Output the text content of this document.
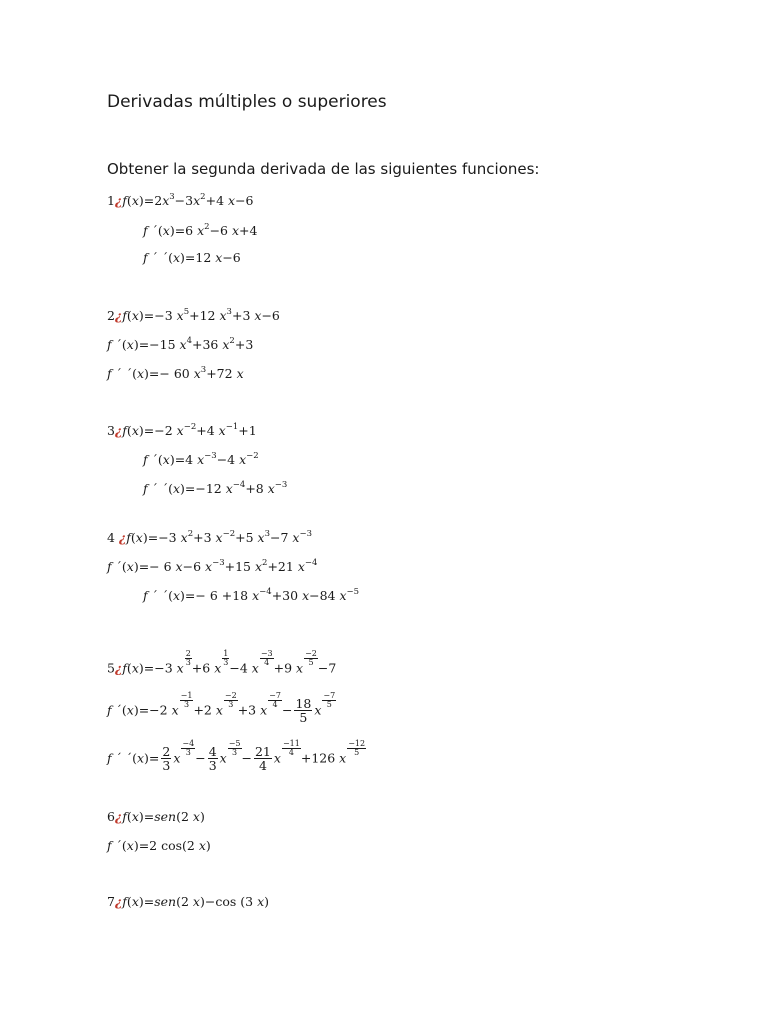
Derivadas múltiples o superiores
Obtener la segunda derivada de las siguientes funciones:
$1¿f(x)=2x^3-3x^2+4$ x−6
f ´(x)=6 $x^2-6$ x+4
f ´ ´(x)=12 x−6
2¿f(x)=−3 $x^5+12$ $x^3+3$ x−6
f ´(x)=−15 $x^4+36$ $x^2+3$
f ´ ´(x)=− 60 $x^3+72$ x
3¿f(x)=−2 $x^{-2}+4$ $x^{-1}+1$
f ´(x)=4 $x^{-3}-4$ $x^{-2}$
f ´ ´(x)=−12 $x^{-4}+8$ $x^{-3}$
4 ¿f(x)=−3 $x^2+3$ $x^{-2}+5$ $x^3-7$ $x^{-3}$
f ´(x)=− 6 x−6 $x^{-3}+15$ $x^2+21$ $x^{-4}$
f ´ ´(x)=− 6 +18 $x^{-4}+30$ x−84 $x^{-5}$
5¿f(x)=−3 x
$\frac{2}{3}$
+6 x
$\frac{1}{3}$
−4 x
$\frac{-3}{4}$
+9 x
$\frac{-2}{5}$
−7
f ´(x)=−2 x
$\frac{-1}{3}$
+2 x
$\frac{-2}{3}$
+3 x
$\frac{-7}{4}$
− $\frac{18}{5}$ x
$\frac{-7}{5}$
f ´ ´(x)= $\frac{2}{3}$ x
$\frac{-4}{3}$
− $\frac{4}{3}$ x
$\frac{-5}{3}$
− $\frac{21}{4}$ x
$\frac{-11}{4}$
+126 x
$\frac{-12}{5}$
6¿f(x)=sen(2 x)
f ´(x)=2 cos(2 x)
7¿f(x)=sen(2 x)−cos (3 x)
